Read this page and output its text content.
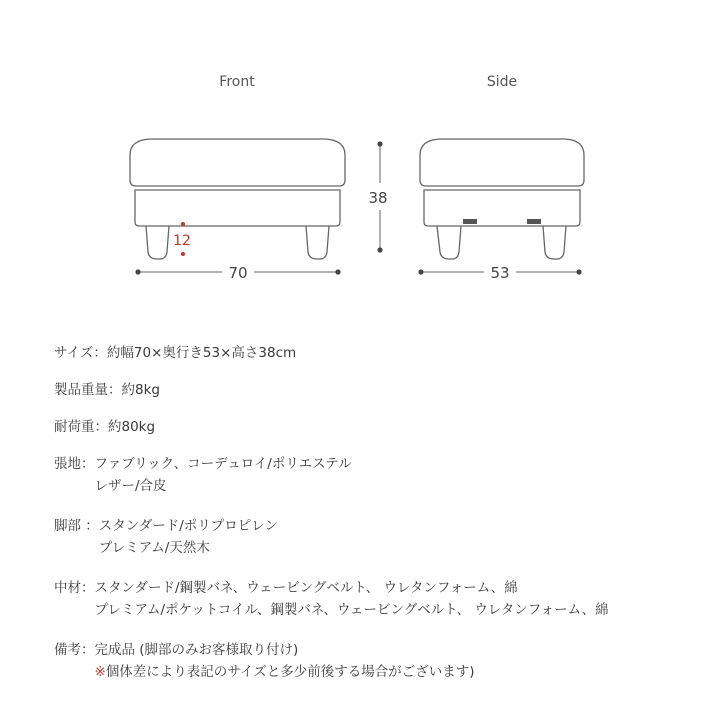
Front	Side
12
70
38
53
サイズ： 約幅70×奥行き53×高さ38cm
製品重量： 約8kg
耐荷重： 約80kg
張地： ファブリック、コーデュロイ/ポリエステル
レザー/合皮
脚部 ： スタンダード/ポリプロピレン
プレミアム/天然木
中材： スタンダード/鋼製バネ、ウェービングベルト、 ウレタンフォーム、綿
プレミアム/ポケットコイル、鋼製バネ、ウェービングベルト、 ウレタンフォーム、綿
備考： 完成品 (脚部のみお客様取り付け)
※個体差により表記のサイズと多少前後する場合がございます)
